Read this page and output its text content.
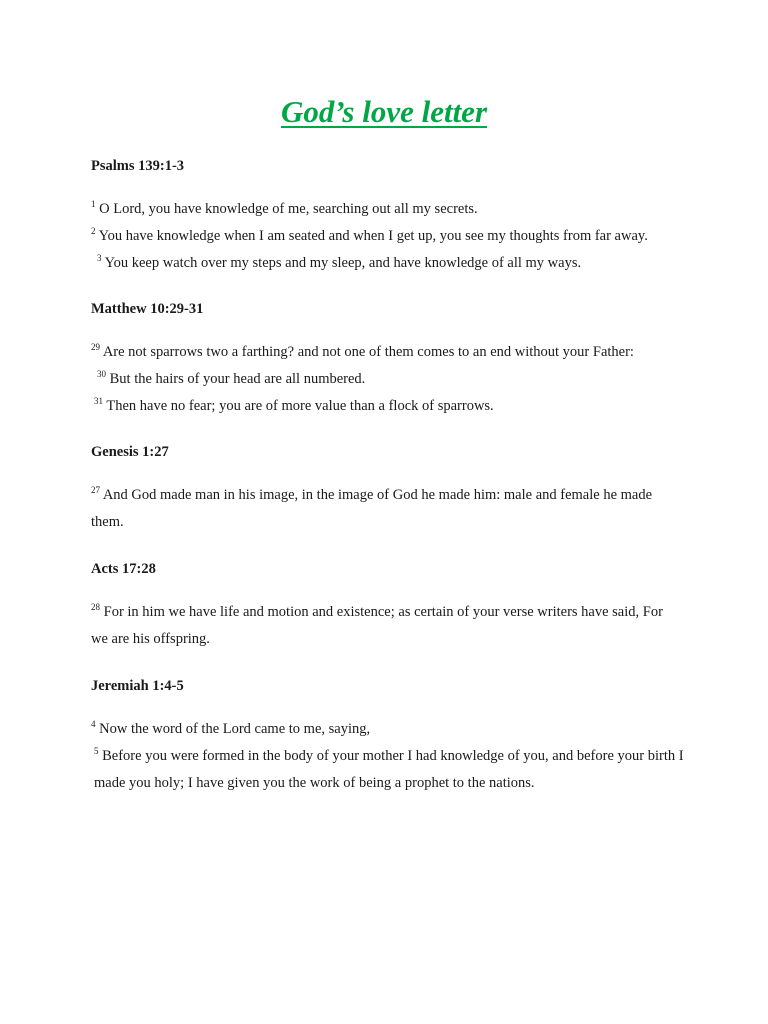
God’s love letter
Psalms 139:1-3

$^1$ O Lord, you have knowledge of me, searching out all my secrets.

$^2$ You have knowledge when I am seated and when I get up, you see my thoughts from far away.

$^3$ You keep watch over my steps and my sleep, and have knowledge of all my ways.

Matthew 10:29-31

$^{29}$ Are not sparrows two a farthing? and not one of them comes to an end without your Father:

$^{30}$ But the hairs of your head are all numbered.

$^{31}$ Then have no fear; you are of more value than a flock of sparrows.

Genesis 1:27

$^{27}$ And God made man in his image, in the image of God he made him: male and female he made them.

Acts 17:28

$^{28}$ For in him we have life and motion and existence; as certain of your verse writers have said, For we are his offspring.

Jeremiah 1:4-5

$^4$ Now the word of the Lord came to me, saying,

$^5$ Before you were formed in the body of your mother I had knowledge of you, and before your birth I made you holy; I have given you the work of being a prophet to the nations.
